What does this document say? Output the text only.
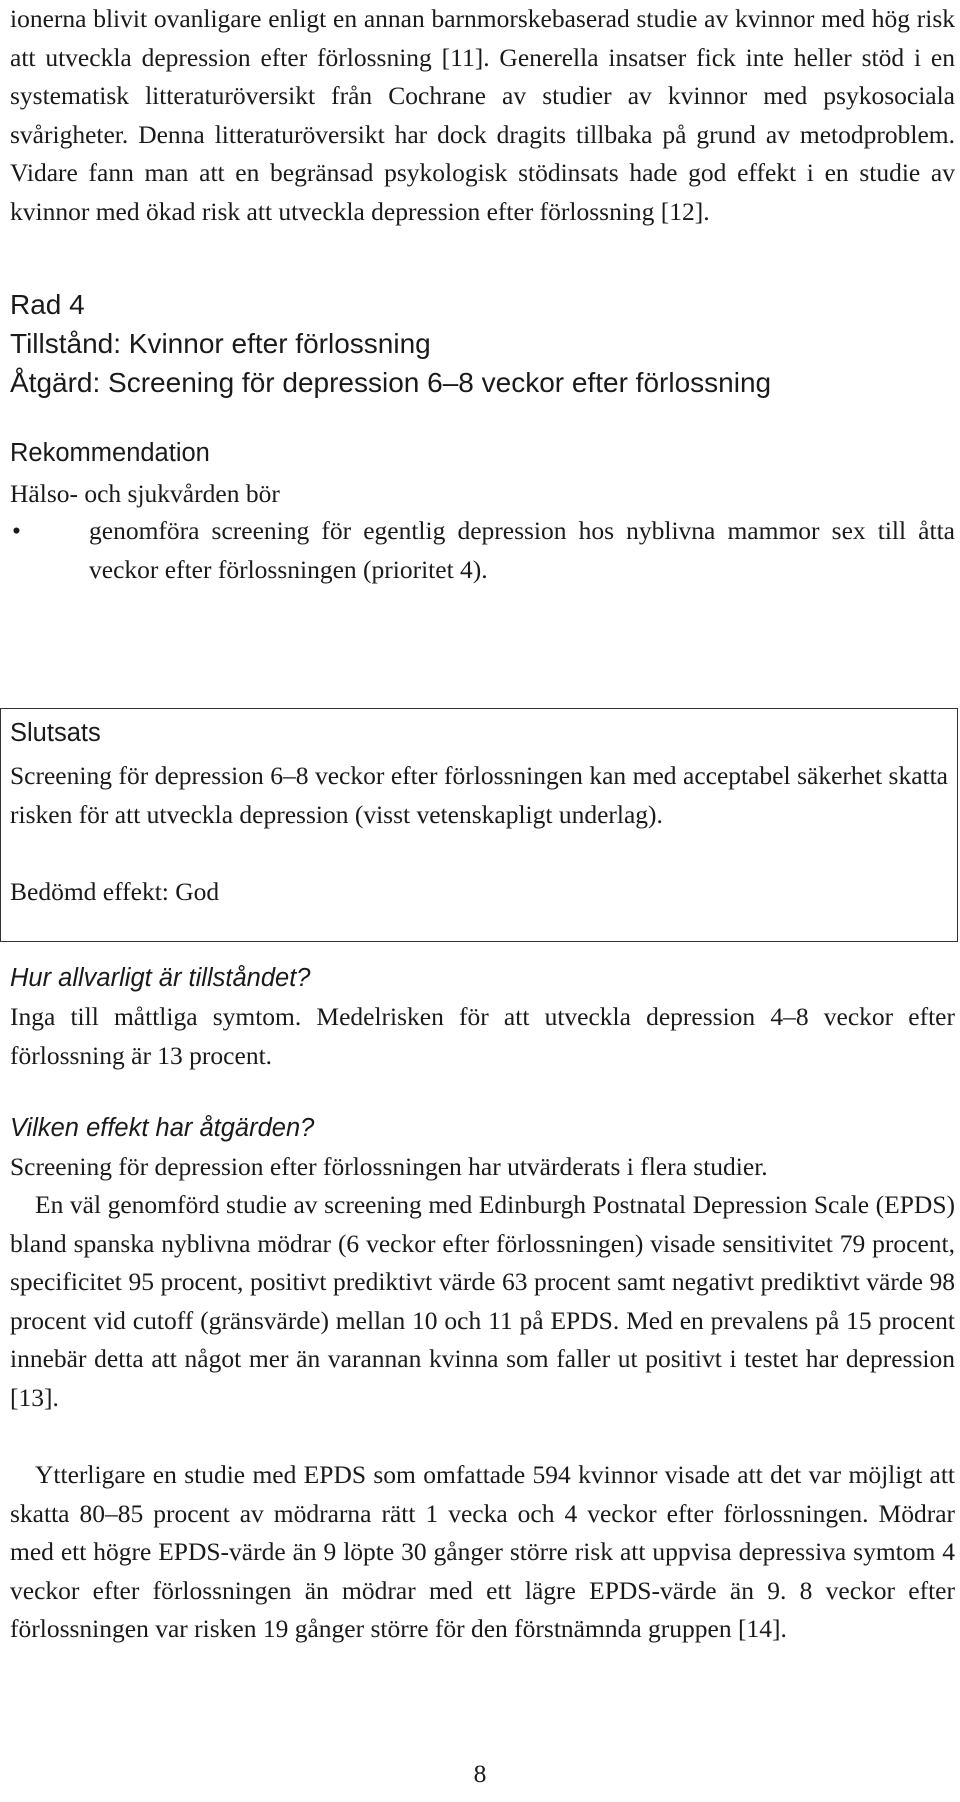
ionerna blivit ovanligare enligt en annan barnmorskebaserad studie av kvinnor med hög risk att utveckla depression efter förlossning [11]. Generella insatser fick inte heller stöd i en systematisk litteraturöversikt från Cochrane av studier av kvinnor med psykosociala svårigheter. Denna litteraturöversikt har dock dragits tillbaka på grund av metodproblem. Vidare fann man att en begränsad psykologisk stödinsats hade god effekt i en studie av kvinnor med ökad risk att utveckla depression efter förlossning [12].

Rad 4

Tillstånd: Kvinnor efter förlossning

Åtgärd: Screening för depression 6–8 veckor efter förlossning

Rekommendation

Hälso- och sjukvården bör

•	genomföra screening för egentlig depression hos nyblivna mammor sex till åtta veckor efter förlossningen (prioritet 4).

Slutsats

Screening för depression 6–8 veckor efter förlossningen kan med acceptabel säkerhet skatta risken för att utveckla depression (visst vetenskapligt underlag).

Bedömd effekt: God

Hur allvarligt är tillståndet?

Inga till måttliga symtom. Medelrisken för att utveckla depression 4–8 veckor efter förlossning är 13 procent.

Vilken effekt har åtgärden?

Screening för depression efter förlossningen har utvärderats i flera studier.

En väl genomförd studie av screening med Edinburgh Postnatal Depression Scale (EPDS) bland spanska nyblivna mödrar (6 veckor efter förlossningen) visade sensitivitet 79 procent, specificitet 95 procent, positivt prediktivt värde 63 procent samt negativt prediktivt värde 98 procent vid cutoff (gränsvärde) mellan 10 och 11 på EPDS. Med en prevalens på 15 procent innebär detta att något mer än varannan kvinna som faller ut positivt i testet har depression [13].

Ytterligare en studie med EPDS som omfattade 594 kvinnor visade att det var möjligt att skatta 80–85 procent av mödrarna rätt 1 vecka och 4 veckor efter förlossningen. Mödrar med ett högre EPDS-värde än 9 löpte 30 gånger större risk att uppvisa depressiva symtom 4 veckor efter förlossningen än mödrar med ett lägre EPDS-värde än 9. 8 veckor efter förlossningen var risken 19 gånger större för den förstnämnda gruppen [14].

8
